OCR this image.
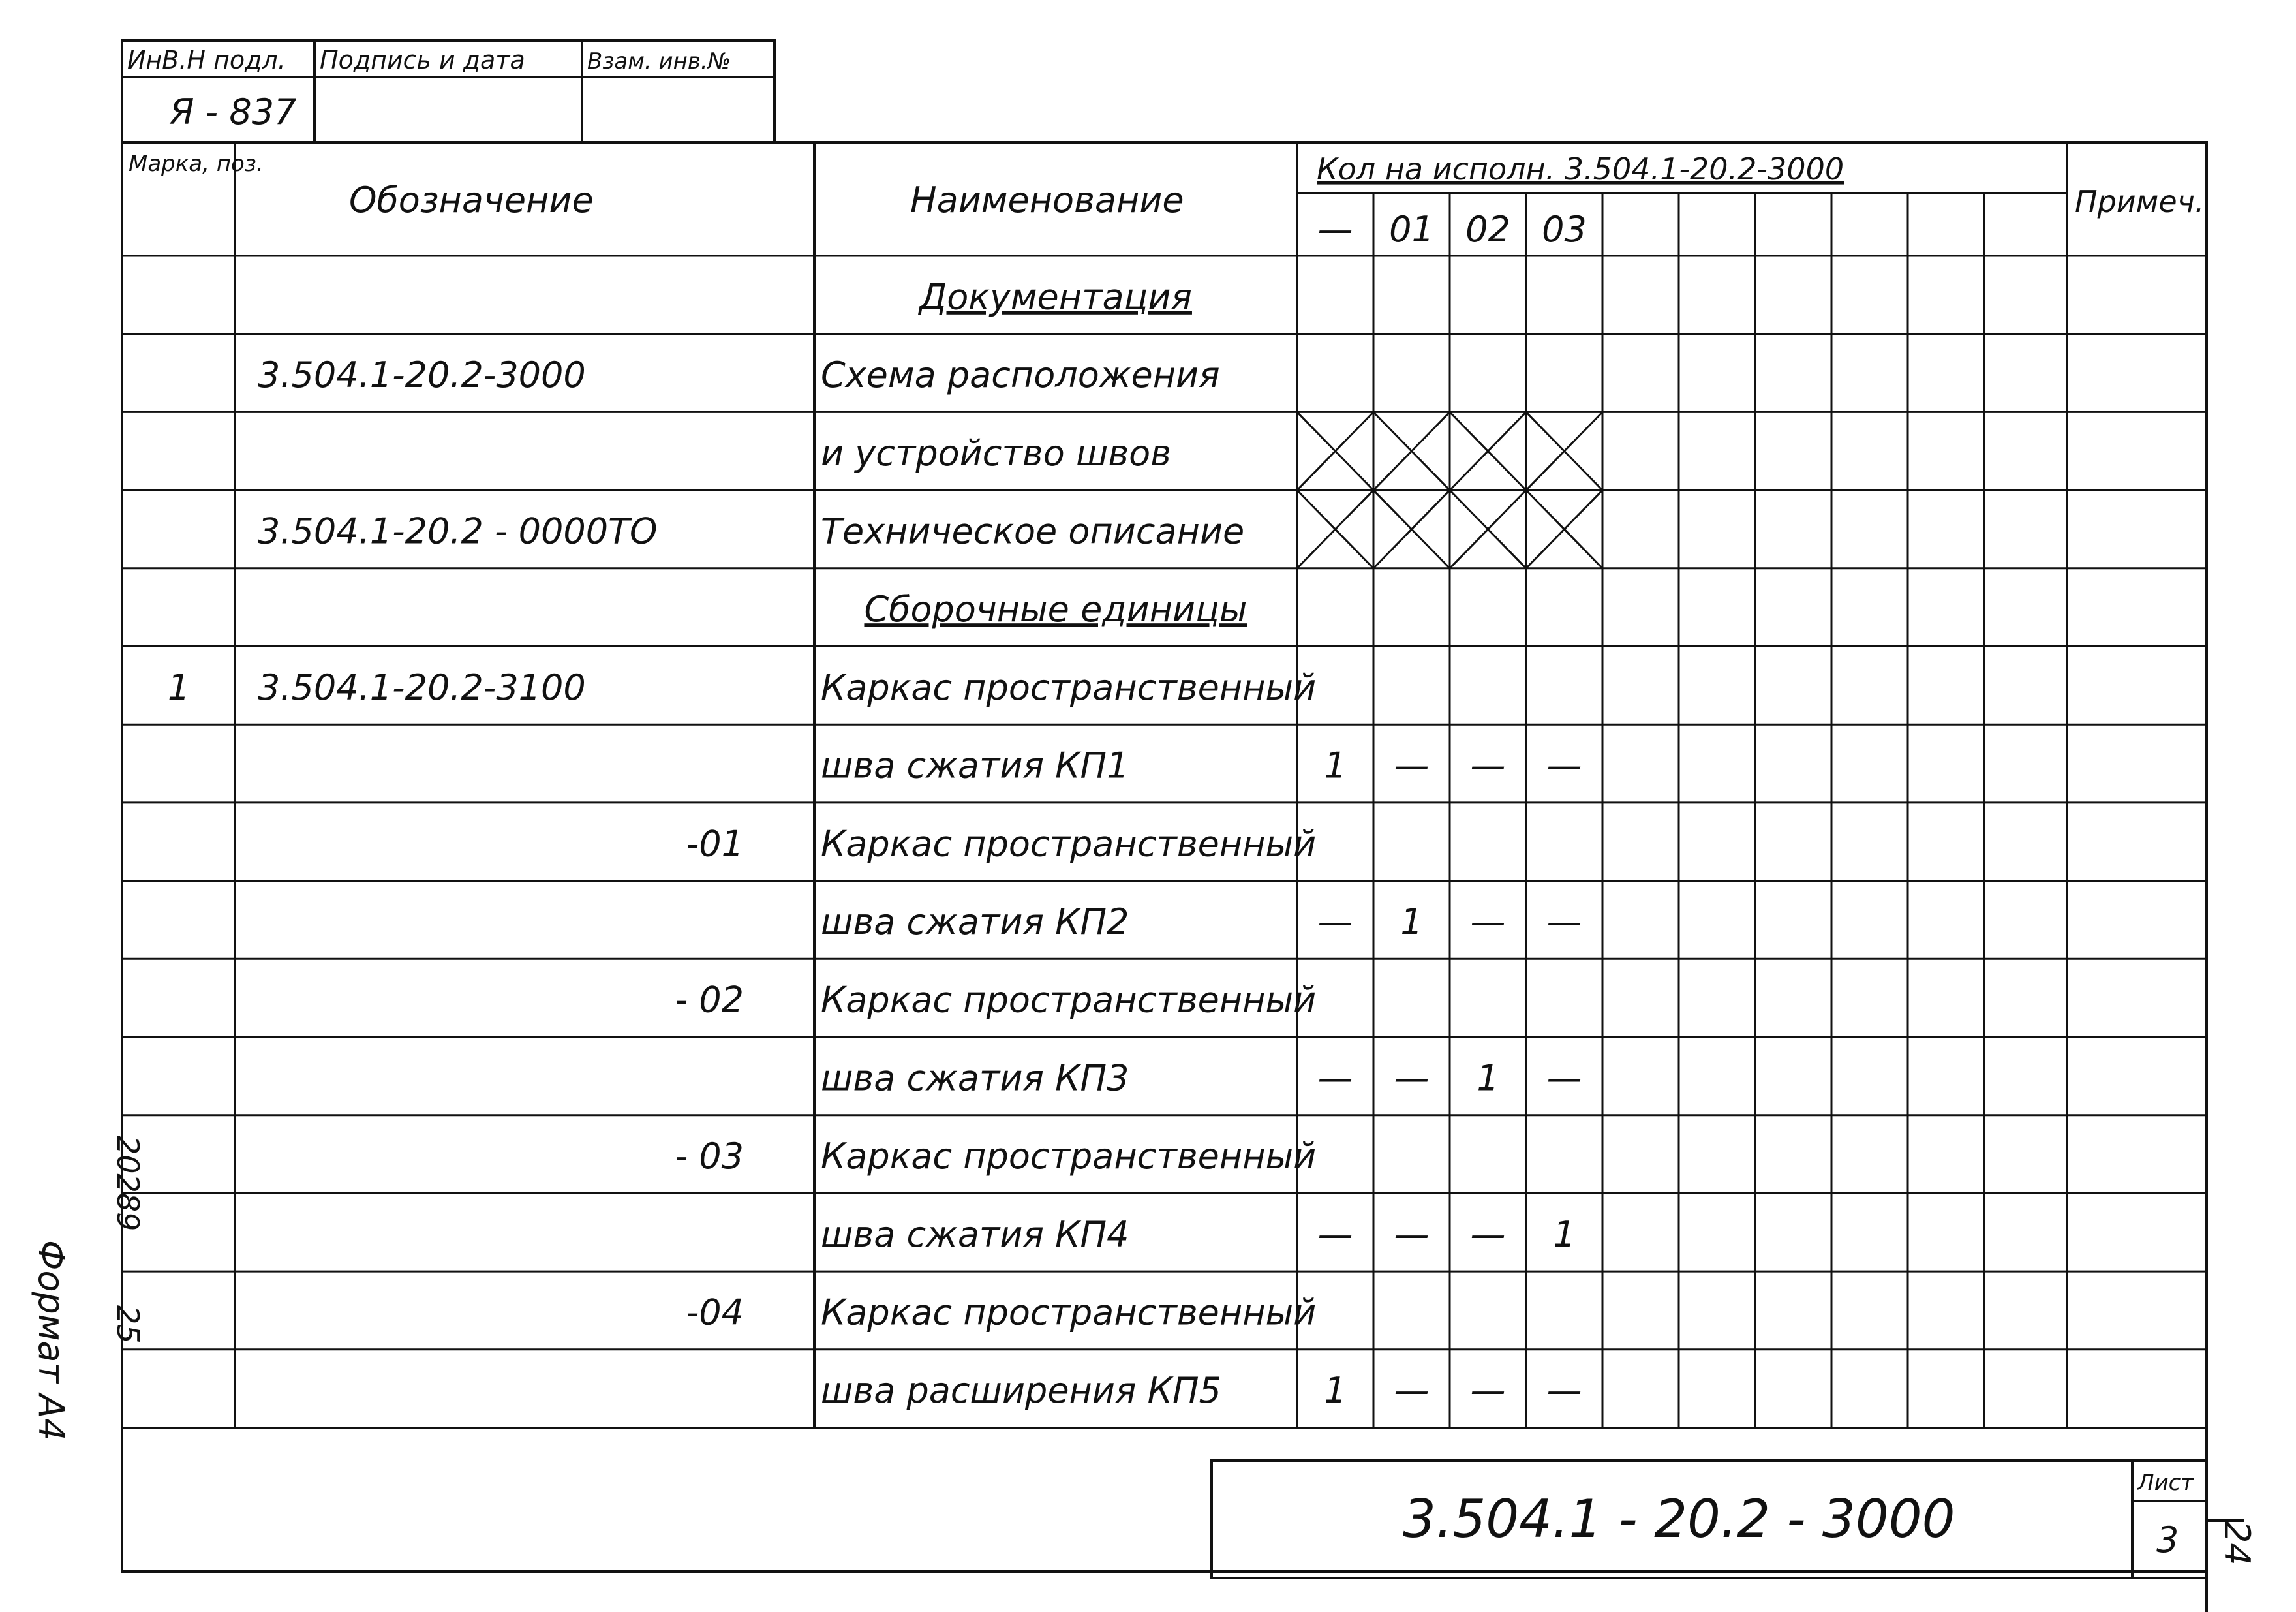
ИнВ.Н подл. Подпись и дата	Взам. инв.№
Я - 837
Марка, поз.
Обозначение	Наименование
Кол на исполн. 3.504.1-20.2-3000
Примеч.
— 01 02 03
Документация
3.504.1-20.2-3000	Схема расположения
и устройство швов
3.504.1-20.2 - 0000ТО	Техническое описание
Сборочные единицы
1 3.504.1-20.2-3100	Каркас пространственный
шва сжатия КП1	1 — — —
-01 Каркас пространственный
шва сжатия КП2	— 1 — —
- 02 Каркас пространственный
шва сжатия КП3	— — 1 —
- 03 Каркас пространственный
шва сжатия КП4	— — — 1
-04 Каркас пространственный
шва расширения КП5	1 — — —
3.504.1 - 20.2 - 3000
Лист
3
20289
25
Формат А4
24
